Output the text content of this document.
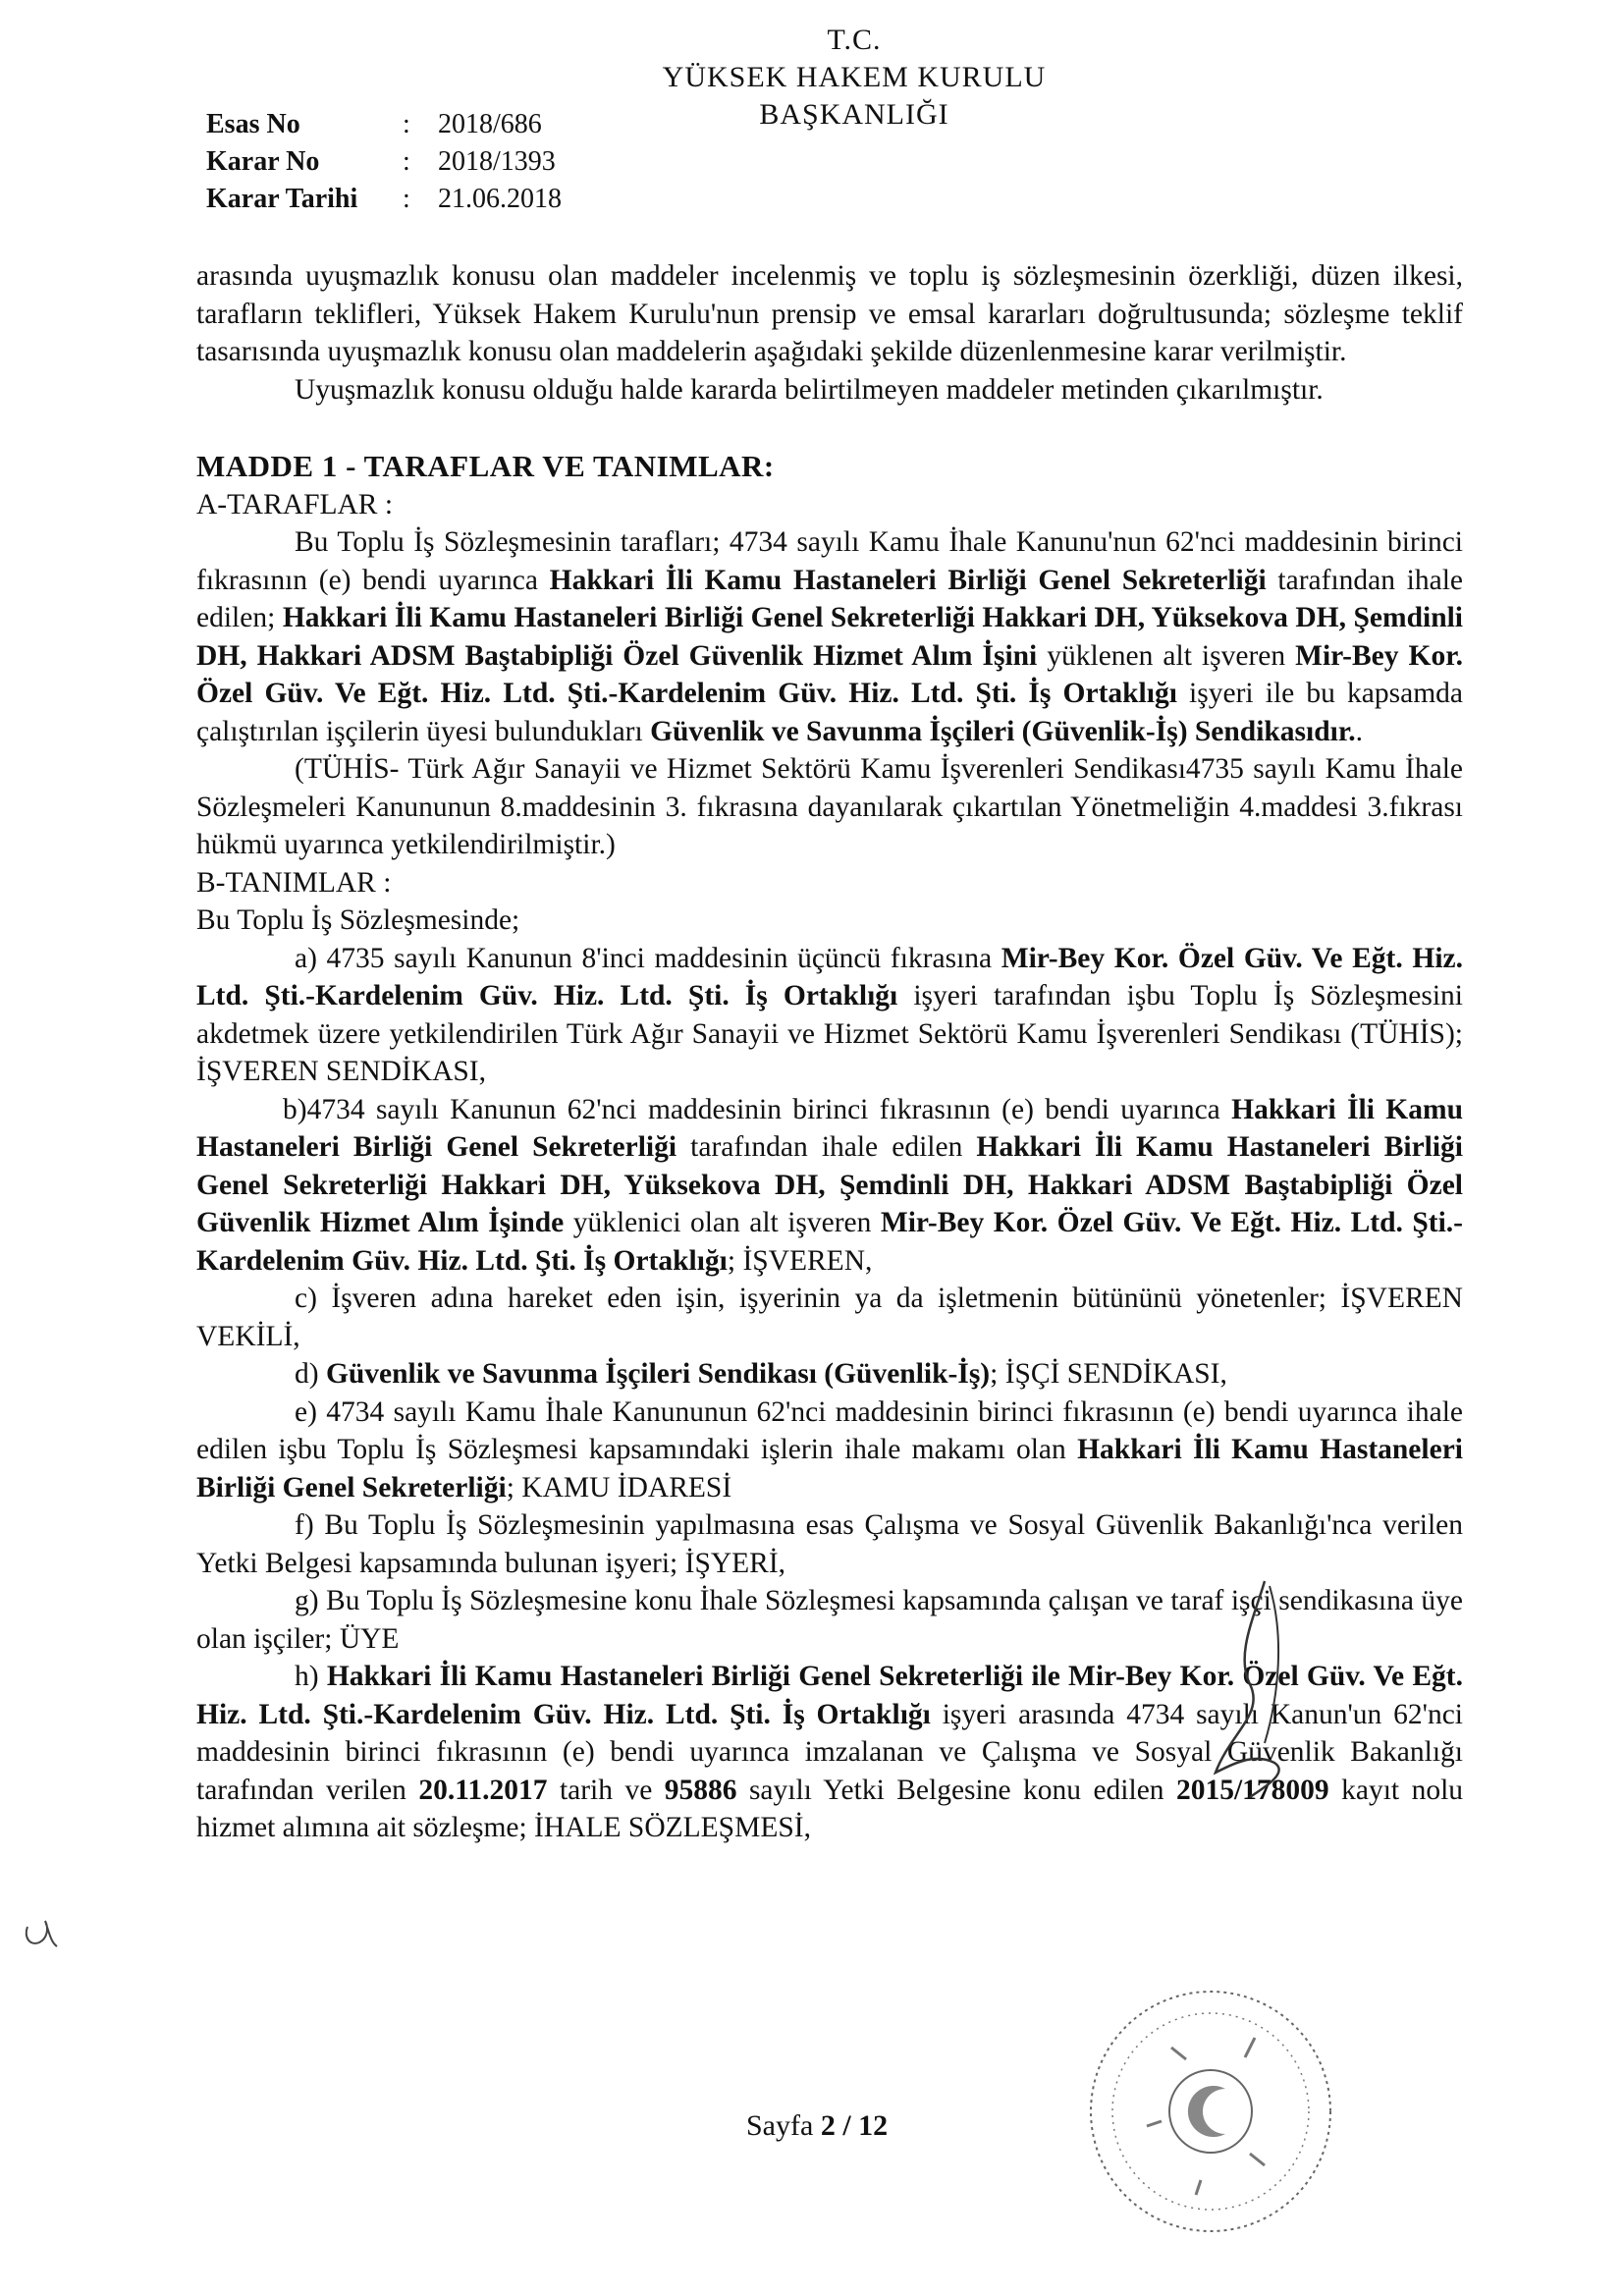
T.C.
YÜKSEK HAKEM KURULU
BAŞKANLIĞI
Esas No	:	2018/686
Karar No	:	2018/1393
Karar Tarihi	:	21.06.2018

arasında uyuşmazlık konusu olan maddeler incelenmiş ve toplu iş sözleşmesinin özerkliği, düzen ilkesi, tarafların teklifleri, Yüksek Hakem Kurulu'nun prensip ve emsal kararları doğrultusunda; sözleşme teklif tasarısında uyuşmazlık konusu olan maddelerin aşağıdaki şekilde düzenlenmesine karar verilmiştir.

Uyuşmazlık konusu olduğu halde kararda belirtilmeyen maddeler metinden çıkarılmıştır.

MADDE 1 - TARAFLAR VE TANIMLAR:

A-TARAFLAR :

Bu Toplu İş Sözleşmesinin tarafları; 4734 sayılı Kamu İhale Kanunu'nun 62'nci maddesinin birinci fıkrasının (e) bendi uyarınca Hakkari İli Kamu Hastaneleri Birliği Genel Sekreterliği tarafından ihale edilen; Hakkari İli Kamu Hastaneleri Birliği Genel Sekreterliği Hakkari DH, Yüksekova DH, Şemdinli DH, Hakkari ADSM Baştabipliği Özel Güvenlik Hizmet Alım İşini yüklenen alt işveren Mir-Bey Kor. Özel Güv. Ve Eğt. Hiz. Ltd. Şti.-Kardelenim Güv. Hiz. Ltd. Şti. İş Ortaklığı işyeri ile bu kapsamda çalıştırılan işçilerin üyesi bulundukları Güvenlik ve Savunma İşçileri (Güvenlik-İş) Sendikasıdır..

(TÜHİS- Türk Ağır Sanayii ve Hizmet Sektörü Kamu İşverenleri Sendikası4735 sayılı Kamu İhale Sözleşmeleri Kanununun 8.maddesinin 3. fıkrasına dayanılarak çıkartılan Yönetmeliğin 4.maddesi 3.fıkrası hükmü uyarınca yetkilendirilmiştir.)

B-TANIMLAR :

Bu Toplu İş Sözleşmesinde;

a) 4735 sayılı Kanunun 8'inci maddesinin üçüncü fıkrasına Mir-Bey Kor. Özel Güv. Ve Eğt. Hiz. Ltd. Şti.-Kardelenim Güv. Hiz. Ltd. Şti. İş Ortaklığı işyeri tarafından işbu Toplu İş Sözleşmesini akdetmek üzere yetkilendirilen Türk Ağır Sanayii ve Hizmet Sektörü Kamu İşverenleri Sendikası (TÜHİS); İŞVEREN SENDİKASI,

b)4734 sayılı Kanunun 62'nci maddesinin birinci fıkrasının (e) bendi uyarınca Hakkari İli Kamu Hastaneleri Birliği Genel Sekreterliği tarafından ihale edilen Hakkari İli Kamu Hastaneleri Birliği Genel Sekreterliği Hakkari DH, Yüksekova DH, Şemdinli DH, Hakkari ADSM Baştabipliği Özel Güvenlik Hizmet Alım İşinde yüklenici olan alt işveren Mir-Bey Kor. Özel Güv. Ve Eğt. Hiz. Ltd. Şti.-Kardelenim Güv. Hiz. Ltd. Şti. İş Ortaklığı; İŞVEREN,

c) İşveren adına hareket eden işin, işyerinin ya da işletmenin bütününü yönetenler; İŞVEREN VEKİLİ,

d) Güvenlik ve Savunma İşçileri Sendikası (Güvenlik-İş); İŞÇİ SENDİKASI,

e) 4734 sayılı Kamu İhale Kanununun 62'nci maddesinin birinci fıkrasının (e) bendi uyarınca ihale edilen işbu Toplu İş Sözleşmesi kapsamındaki işlerin ihale makamı olan Hakkari İli Kamu Hastaneleri Birliği Genel Sekreterliği; KAMU İDARESİ

f) Bu Toplu İş Sözleşmesinin yapılmasına esas Çalışma ve Sosyal Güvenlik Bakanlığı'nca verilen Yetki Belgesi kapsamında bulunan işyeri; İŞYERİ,

g) Bu Toplu İş Sözleşmesine konu İhale Sözleşmesi kapsamında çalışan ve taraf işçi sendikasına üye olan işçiler; ÜYE

h) Hakkari İli Kamu Hastaneleri Birliği Genel Sekreterliği ile Mir-Bey Kor. Özel Güv. Ve Eğt. Hiz. Ltd. Şti.-Kardelenim Güv. Hiz. Ltd. Şti. İş Ortaklığı işyeri arasında 4734 sayılı Kanun'un 62'nci maddesinin birinci fıkrasının (e) bendi uyarınca imzalanan ve Çalışma ve Sosyal Güvenlik Bakanlığı tarafından verilen 20.11.2017 tarih ve 95886 sayılı Yetki Belgesine konu edilen 2015/178009 kayıt nolu hizmet alımına ait sözleşme; İHALE SÖZLEŞMESİ,

Sayfa 2 / 12
